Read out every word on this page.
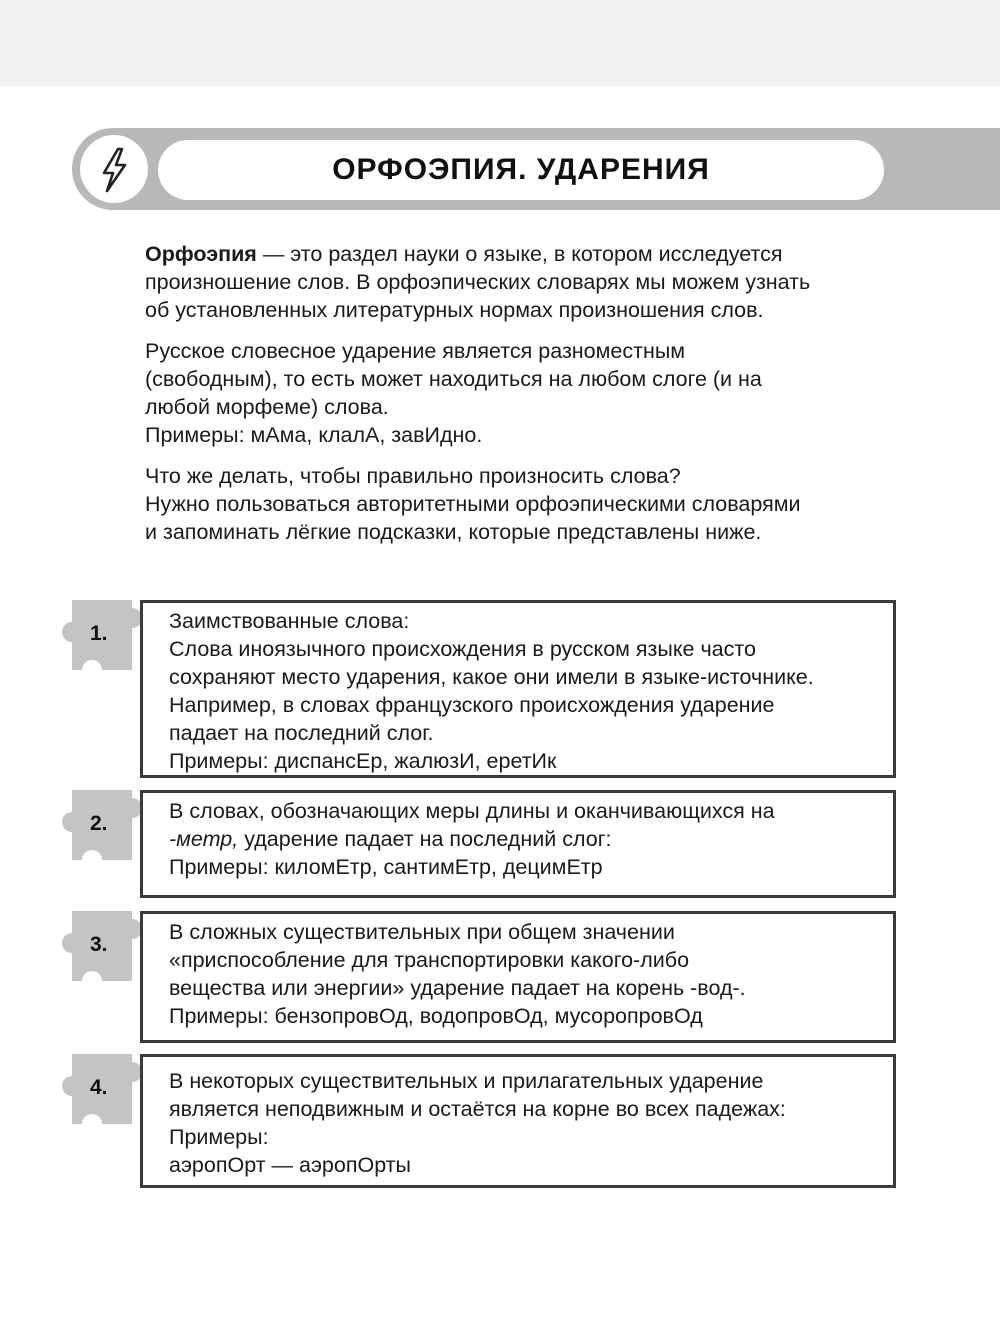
ОРФОЭПИЯ. УДАРЕНИЯ

Орфоэпия — это раздел науки о языке, в котором исследуется
произношение слов. В орфоэпических словарях мы можем узнать
об установленных литературных нормах произношения слов.

Русское словесное ударение является разноместным
(свободным), то есть может находиться на любом слоге (и на
любой морфеме) слова.
Примеры: мАма, клалА, завИдно.

Что же делать, чтобы правильно произносить слова?
Нужно пользоваться авторитетными орфоэпическими словарями
и запоминать лёгкие подсказки, которые представлены ниже.

1.
Заимствованные слова:
Слова иноязычного происхождения в русском языке часто
сохраняют место ударения, какое они имели в языке-источнике.
Например, в словах французского происхождения ударение
падает на последний слог.
Примеры: диспансЕр, жалюзИ, еретИк
2.
В словах, обозначающих меры длины и оканчивающихся на
-метр, ударение падает на последний слог:
Примеры: киломЕтр, сантимЕтр, децимЕтр
3.
В сложных существительных при общем значении
«приспособление для транспортировки какого-либо
вещества или энергии» ударение падает на корень -вод-.
Примеры: бензопровОд, водопровОд, мусоропровОд
4.	В некоторых существительных и прилагательных ударение
является неподвижным и остаётся на корне во всех падежах:
Примеры:
аэропОрт — аэропОрты
